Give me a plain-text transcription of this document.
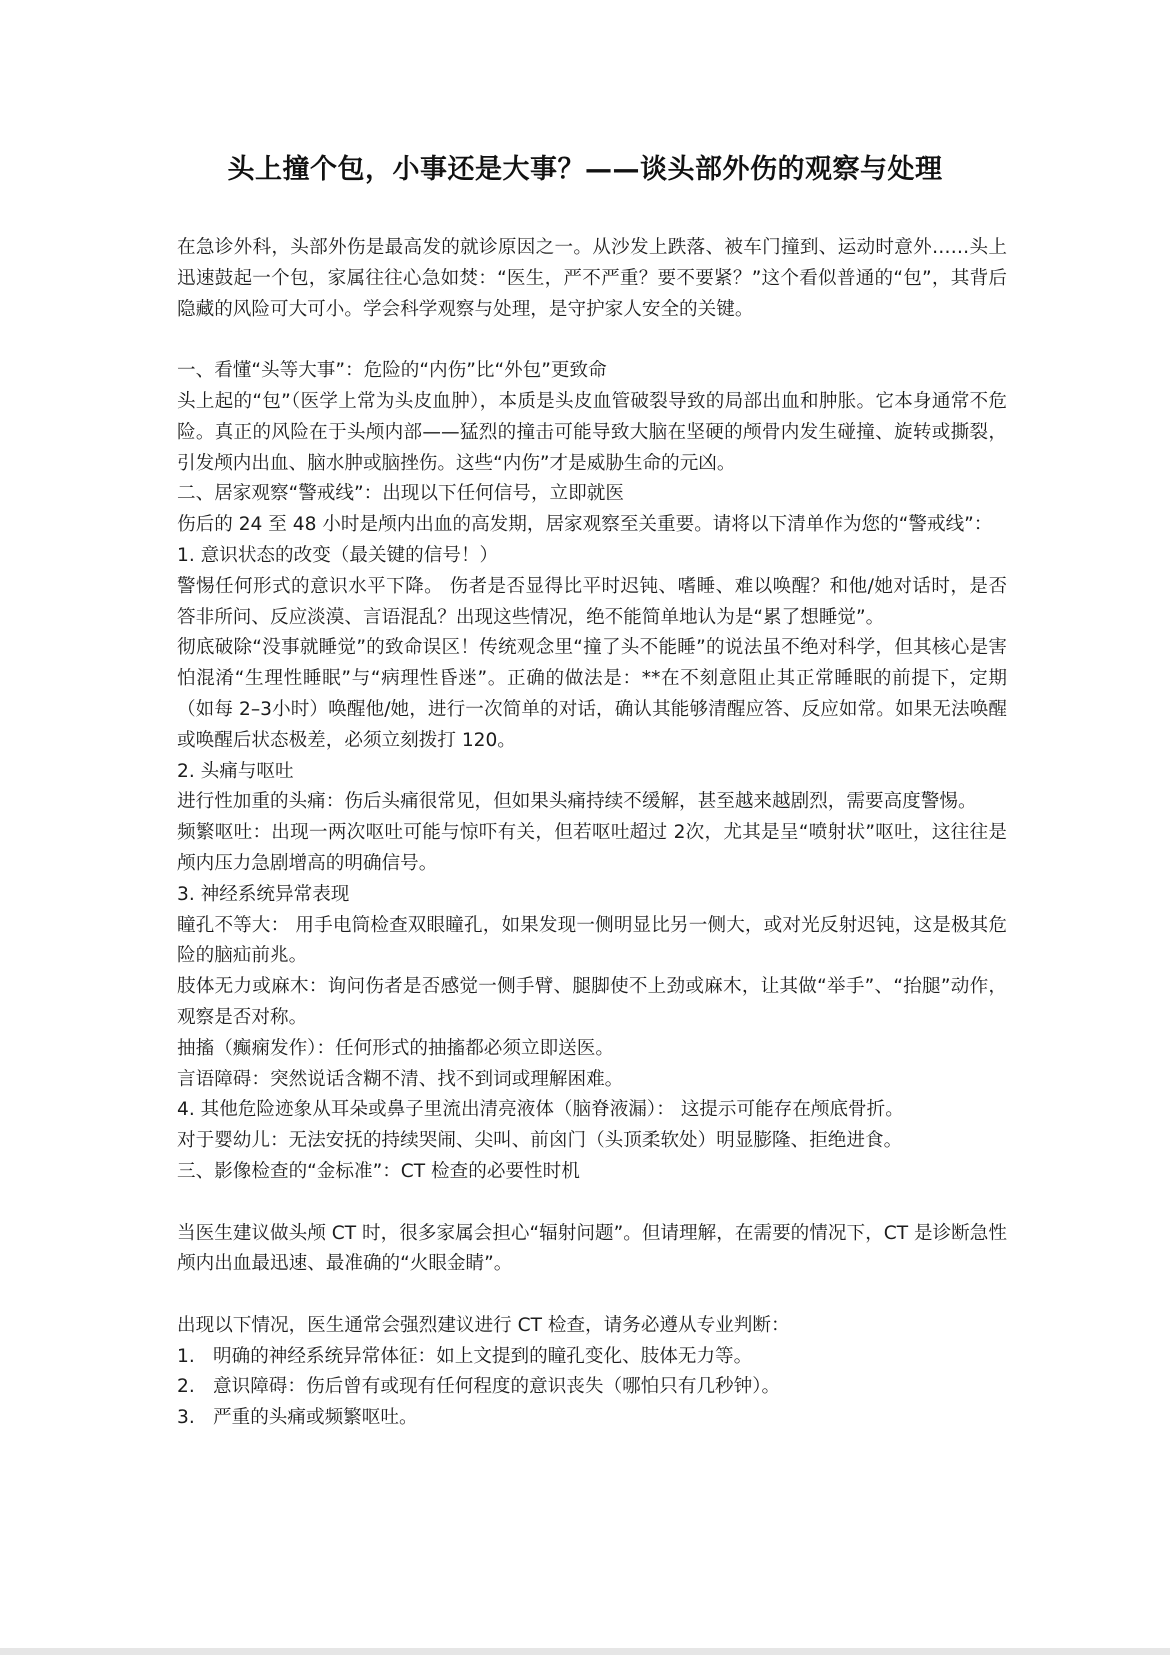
头上撞个包，小事还是大事？——谈头部外伤的观察与处理

在急诊外科，头部外伤是最高发的就诊原因之一。从沙发上跌落、被车门撞到、运动时意外……头上迅速鼓起一个包，家属往往心急如焚：“医生，严不严重？要不要紧？”这个看似普通的“包”，其背后隐藏的风险可大可小。学会科学观察与处理，是守护家人安全的关键。

一、看懂“头等大事”：危险的“内伤”比“外包”更致命

头上起的“包”（医学上常为头皮血肿），本质是头皮血管破裂导致的局部出血和肿胀。它本身通常不危险。真正的风险在于头颅内部——猛烈的撞击可能导致大脑在坚硬的颅骨内发生碰撞、旋转或撕裂，引发颅内出血、脑水肿或脑挫伤。这些“内伤”才是威胁生命的元凶。

二、居家观察“警戒线”：出现以下任何信号，立即就医

伤后的 24 至 48 小时是颅内出血的高发期，居家观察至关重要。请将以下清单作为您的“警戒线”：

1. 意识状态的改变（最关键的信号！）

警惕任何形式的意识水平下降。 伤者是否显得比平时迟钝、嗜睡、难以唤醒？和他/她对话时，是否答非所问、反应淡漠、言语混乱？出现这些情况，绝不能简单地认为是“累了想睡觉”。

彻底破除“没事就睡觉”的致命误区！传统观念里“撞了头不能睡”的说法虽不绝对科学，但其核心是害怕混淆“生理性睡眠”与“病理性昏迷”。正确的做法是：**在不刻意阻止其正常睡眠的前提下，定期（如每 2–3小时）唤醒他/她，进行一次简单的对话，确认其能够清醒应答、反应如常。如果无法唤醒或唤醒后状态极差，必须立刻拨打 120。

2. 头痛与呕吐

进行性加重的头痛：伤后头痛很常见，但如果头痛持续不缓解，甚至越来越剧烈，需要高度警惕。

频繁呕吐：出现一两次呕吐可能与惊吓有关，但若呕吐超过 2次，尤其是呈“喷射状”呕吐，这往往是颅内压力急剧增高的明确信号。

3. 神经系统异常表现

瞳孔不等大： 用手电筒检查双眼瞳孔，如果发现一侧明显比另一侧大，或对光反射迟钝，这是极其危险的脑疝前兆。

肢体无力或麻木：询问伤者是否感觉一侧手臂、腿脚使不上劲或麻木，让其做“举手”、“抬腿”动作，观察是否对称。

抽搐（癫痫发作）：任何形式的抽搐都必须立即送医。

言语障碍：突然说话含糊不清、找不到词或理解困难。

4. 其他危险迹象从耳朵或鼻子里流出清亮液体（脑脊液漏）： 这提示可能存在颅底骨折。

对于婴幼儿：无法安抚的持续哭闹、尖叫、前囟门（头顶柔软处）明显膨隆、拒绝进食。

三、影像检查的“金标准”：CT 检查的必要性时机

当医生建议做头颅 CT 时，很多家属会担心“辐射问题”。但请理解，在需要的情况下，CT 是诊断急性颅内出血最迅速、最准确的“火眼金睛”。

出现以下情况，医生通常会强烈建议进行 CT 检查，请务必遵从专业判断：

1. 明确的神经系统异常体征：如上文提到的瞳孔变化、肢体无力等。
2. 意识障碍：伤后曾有或现有任何程度的意识丧失（哪怕只有几秒钟）。
3. 严重的头痛或频繁呕吐。
